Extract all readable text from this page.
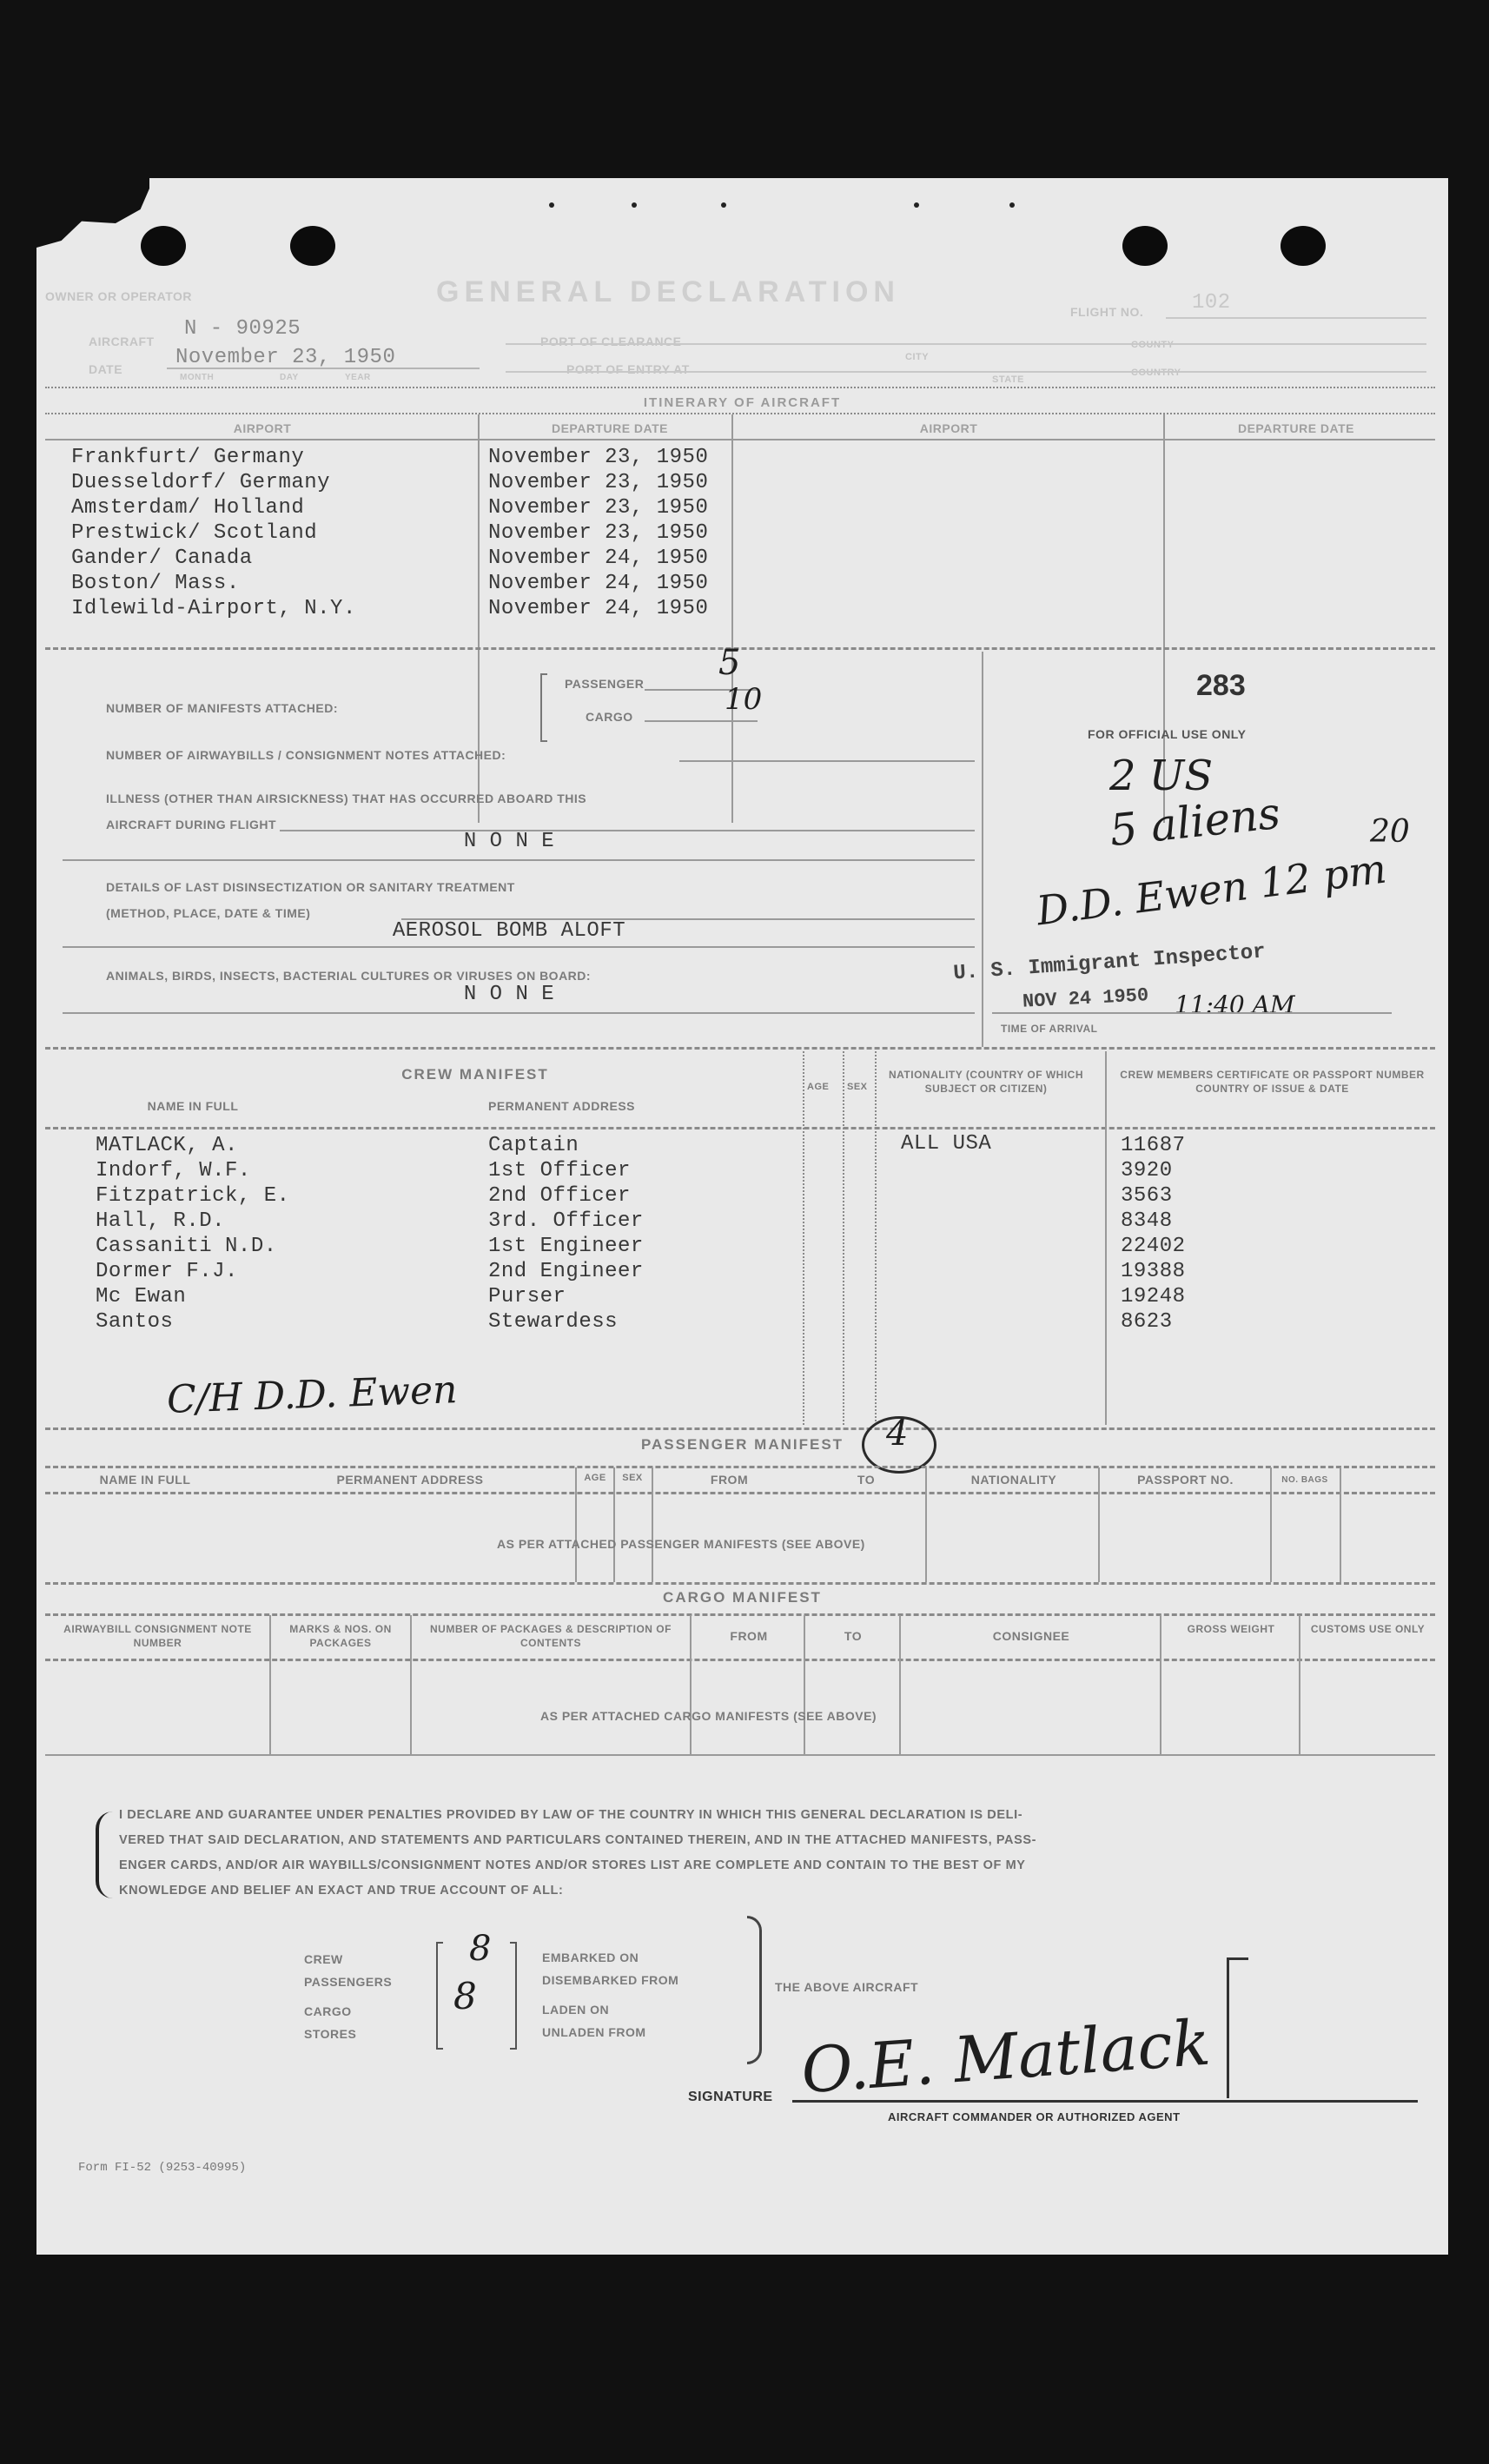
OWNER OR OPERATOR	GENERAL DECLARATION
FLIGHT NO. 102
AIRCRAFT
N - 90925
DATE	November 23, 1950
MONTH	DAY	YEAR
PORT OF CLEARANCE
PORT OF ENTRY AT
CITY
STATE
COUNTY
COUNTRY
ITINERARY OF AIRCRAFT
AIRPORT	DEPARTURE DATE	AIRPORT	DEPARTURE DATE
Frankfurt/ Germany	November 23, 1950
Duesseldorf/ Germany	November 23, 1950
Amsterdam/ Holland	November 23, 1950
Prestwick/ Scotland	November 23, 1950
Gander/ Canada	November 24, 1950
Boston/ Mass.	November 24, 1950
Idlewild-Airport, N.Y.	November 24, 1950
NUMBER OF MANIFESTS ATTACHED:
PASSENGER
5
CARGO	10
NUMBER OF AIRWAYBILLS / CONSIGNMENT NOTES ATTACHED:
ILLNESS (OTHER THAN AIRSICKNESS) THAT HAS OCCURRED ABOARD THIS
AIRCRAFT DURING FLIGHT
N O N E
DETAILS OF LAST DISINSECTIZATION OR SANITARY TREATMENT
(METHOD, PLACE, DATE & TIME)
AEROSOL BOMB ALOFT
ANIMALS, BIRDS, INSECTS, BACTERIAL CULTURES OR VIRUSES ON BOARD:
N O N E
283
FOR OFFICIAL USE ONLY
2 US
5 aliens	20
D.D. Ewen 12 pm
U. S. Immigrant Inspector
NOV 24 1950 11:40 AM
TIME OF ARRIVAL
CREW MANIFEST
NAME IN FULL	PERMANENT ADDRESS
AGE SEX
NATIONALITY (COUNTRY OF WHICH SUBJECT OR CITIZEN)
CREW MEMBERS CERTIFICATE OR PASSPORT NUMBER COUNTRY OF ISSUE & DATE
ALL USA
MATLACK, A.	Captain	11687
Indorf, W.F.	1st Officer	3920
Fitzpatrick, E.	2nd Officer	3563
Hall, R.D.	3rd. Officer	8348
Cassaniti N.D.	1st Engineer	22402
Dormer F.J.	2nd Engineer	19388
Mc Ewan	Purser	19248
Santos	Stewardess	8623
C/H D.D. Ewen
PASSENGER MANIFEST	4
NAME IN FULL	PERMANENT ADDRESS	AGE	SEX	FROM	TO	NATIONALITY	PASSPORT NO.	NO. BAGS
AS PER ATTACHED PASSENGER MANIFESTS (SEE ABOVE)
CARGO MANIFEST
AIRWAYBILL CONSIGNMENT NOTE NUMBER
MARKS & NOS. ON PACKAGES
NUMBER OF PACKAGES & DESCRIPTION OF CONTENTS	FROM	TO	CONSIGNEE	GROSS WEIGHT	CUSTOMS USE ONLY
AS PER ATTACHED CARGO MANIFESTS (SEE ABOVE)
I DECLARE AND GUARANTEE UNDER PENALTIES PROVIDED BY LAW OF THE COUNTRY IN WHICH THIS GENERAL DECLARATION IS DELI-
VERED THAT SAID DECLARATION, AND STATEMENTS AND PARTICULARS CONTAINED THEREIN, AND IN THE ATTACHED MANIFESTS, PASS-
ENGER CARDS, AND/OR AIR WAYBILLS/CONSIGNMENT NOTES AND/OR STORES LIST ARE COMPLETE AND CONTAIN TO THE BEST OF MY
KNOWLEDGE AND BELIEF AN EXACT AND TRUE ACCOUNT OF ALL:
CREW
PASSENGERS
CARGO
STORES
8
8
EMBARKED ON
DISEMBARKED FROM
LADEN ON
UNLADEN FROM
THE ABOVE AIRCRAFT
SIGNATURE O.E. Matlack
AIRCRAFT COMMANDER OR AUTHORIZED AGENT
Form FI-52 (9253-40995)
